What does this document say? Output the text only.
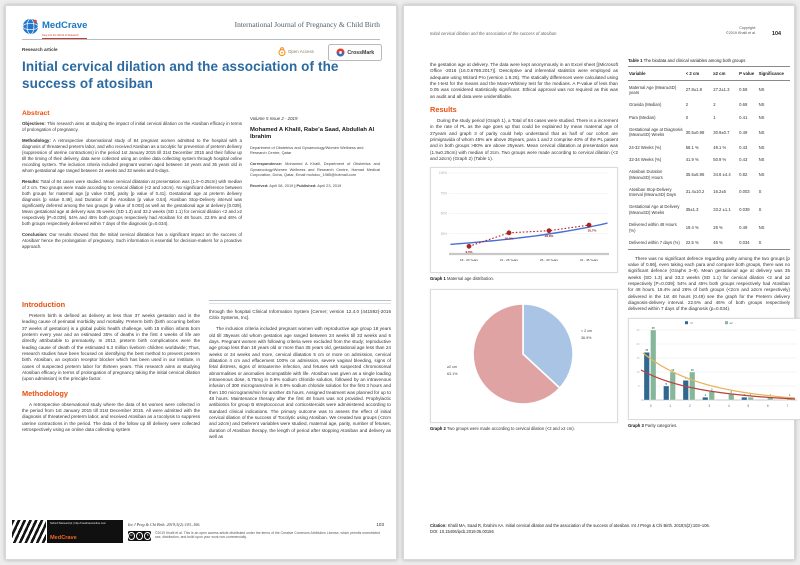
MedCrave
Step into the World of Research
International Journal of Pregnancy & Child Birth
Research article	Open Access	CrossMark
Initial cervical dilation and the association of the success of atosiban
Abstract

Objectives: This research aims at studying the impact of initial cervical dilation on the Atosiban efficacy in terms of prolongation of pregnancy.

Methodology: A retrospective observational study of 84 pregnant women admitted to the hospital with a diagnosis of threatened preterm labor, and who received Atosiban as a tocolytic for prevention of preterm delivery (suppression of uterine contractions) in the period 1st January 2015 till 31st December 2015 and their follow up till the timing of their delivery, data were collected using an online data collecting system through hospital online recording system. The inclusion criteria included pregnant women aged between 18 years and 35 years old in whom gestational age ranged between 24 weeks and 33 weeks and 6-days.

Results: Total of 84 cases were studied. Mean cervical dilatation at presentation was (1.9‒0.25cm) with median of 2 cm. Two groups were made according to cervical dilation (<2 and ≥2cm). No significant deference between both groups for maternal age [p value 0.59], parity [p value of 0.41]. Gestational age at preterm delivery diagnosis [p value 0.49], and Duration of the Atosiban [p value 0.54]. Atosiban Stop-Delivery interval was significantly deferred among the two groups [p value of 0.003] as well as the gestational age at delivery [0.039]. Mean gestational age at delivery was 35 weeks (SD 1.3) and 33.2 weeks (SD 1.1) for cervical dilation <2 and ≥2 respectively [P=0.039]. 54% and 45% both groups respectively had Atosiban for 48 hours. 22.5% and 46% of both groups respectively delivered within 7 days of the diagnosis (p=0.034).

Conclusion: Our results showed that the Initial cervical dilatation has a significant impact on the success of Atosiban' hence the prolongation of pregnancy. Such information is essential for decision-makers for a proactive approach.

Volume 5 Issue 2 - 2019

Mohamed A Khalil, Rabe'a Saad, Abdullah Al Ibrahim

Department of Obstetrics and Gynaecology/Women Wellness and Research Centre, Qatar

Correspondence: Mohamed A Khalil, Department of Obstetrics and Gynaecology/Women Wellness and Research Centre, Hamad Medical Corporation, Doha, Qatar, Email mohdoc_1985@hotmail.com

Received: April 08, 2019 | Published: April 23, 2019

Introduction

Preterm birth is defined as delivery at less than 37 weeks gestation and is the leading cause of perinatal morbidity and mortality. Preterm birth (birth occurring before 37 weeks of gestation) is a global public health challenge, with 15 million infants born preterm every year and an estimated 35% of deaths in the first 4 weeks of life are directly attributable to prematurity. In 2013, preterm birth complications were the leading cause of death of the estimated 6.3 million liveborn children worldwide; Thus, research studies have been focused on identifying the best method to prevent preterm birth. Atosiban, an oxytocin receptor blocker which has been used in our institute, in cases of suspected preterm labor for thirteen years. This research aims at studying Atosiban efficacy in terms of prolongation of pregnancy taking the initial cervical dilation (upon admission) is the principle factor.

Methodology

A retrospective observational study where the data of 84 women were collected in the period from 1st January 2015 till 31st December 2015. All were admitted with the diagnosis of threatened preterm labor, and received Atosiban as a tocolysis to suppress uterine contractions in the period. The data of the follow up till delivery were collected retrospectively using an online data collecting system

through the hospital Clinical Information System [Cerner; version 12.4.0 (441592)-2016 Citrix Systems, Inc].

The inclusion criteria included pregnant women with reproductive age group 18 years old till 35years old whom gestation age ranged between 24 weeks till 33 weeks and 6 days. Pregnant women with following criteria were excluded from the study; reproductive age group less than 18 years old or more than 35 years old, gestational age less than 24 weeks or 34 weeks and more, cervical dilatation 5 cm or more on admission, cervical dilatation 4 cm and effacement 100% on admission, severe vaginal bleeding, signs of fetal distress, signs of intrauterine infection, and fetuses with suspected chromosomal abnormalities or anomalies incompatible with life. Atosiban was given as a single loading intravenous dose, 6.75mg in 0.9% sodium chloride solution, followed by an intravenous infusion of 300 micrograms/min in 0.9% sodium chloride solution for the first 3 hours and then 100 micrograms/min for another 45 hours. Assigned treatment was planned for up to 48 hours. Maintenance therapy after the first 48 hours was not provided. Prophylactic antibiotics for group B streptococcus and corticosteroids were administered according to standard clinical indications. The primary outcome was to assess the effect of initial cervical dilation of the success of Tocolytic using Atosiban. We created two groups (<2cm and ≥2cm) and Deferent variables were studied, maternal age, parity, number of fetuses, duration of Atosiban therapy, the length of period after stopping Atosiban and delivery as well as

Submit Manuscript | http://medcraveonline.com
MedCrave
Int J Preg & Chi Brth. 2019;5(2):103‒106.
cc	i	$
©2019 Khalil et al. This is an open access article distributed under the terms of the Creative Commons Attribution License, which permits unrestricted use, distribution, and build upon your work non-commercially.
103
Initial cervical dilation and the association of the success of atosiban
Copyright:
©2019 Khalil et al.	104

the gestation age at delivery. The data were kept anonymously in an Excel sheet [(Microsoft Office -2016 (16.0.6769.2017)]. Descriptive and inferential statistics were employed as adequate using Wizard Pro (version 1.9.26). The statically differences were calculated using the t-test for the means and the Mann-Whitney test for the medians. A P-value of less than 0.05 was considered statistically significant. Ethical approval was not required as this was an audit and all data were unidentifiable.

Results

During the study period (Graph 1), a Total of 84 cases were studied. There is a increment in the rate of PL as the age goes up that could be explained by mean maternal age of 27years and graph 3 of parity could help understand that as half of our cohort are primigravida of whom 45% are above 25years, para 1 and 2 comprise 40% of the PL patient and in both groups >80% are above 25years. Mean cervical dilatation at presentation was (1.9±0.25cm) with median of 2cm. Two groups were made according to cervical dilation (<2 and ≥2cm) (Graph 2) (Table 1).

25%
50%
75%
100%
9,5%
26,2%
28,8%
35,7%
18 - 20 Years	21 - 25 Years	26 - 30 Years	31 - 35 Years

Graph 1 Maternal age distribution.

< 2 cm
36.9%
≥2 cm
63.1%

Graph 2 Two groups were made according to cervical dilation (<2 and ≥2 cm).

Table 1 The biodata and clinical variables among both groups

Variable	< 2 cm	≥2 cm	P value	Significance
Maternal Age (Mean±SD) years	27.8±1.8	27.2±1.3	0.59	NS
Gravida (Median)	2	2	0.69	NS
Para (Median)	0	1	0.41	NS
Gestational age at Diagnosis (Mean±SD) Weeks	30.5±0.98	30.9±0.7	0.49	NS
24-32 Weeks (%)	58.1 %	49.1 %	0.43	NS
32-34 Weeks (%)	41.9 %	50.9 %	0.43	NS
Atosiban Duration (Mean±SD) Hours	35.5±5.96	34.6 ±4.4	0.82	NS
Atosiban Stop-Delivery Interval (Mean±SD) Days	31.4±10.2	16.2±5	0.003	S
Gestational Age at Delivery (Mean±SD) Weeks	35±1.3	33.2 ±1.1	0.039	S
Delivered within 48 Hours (%)	19.4 %	26 %	0.49	NS
Delivered within 7 days (%)	22.5 %	46 %	0.034	S

There was no significant defence regarding parity among the two groups [p value of 0.86], even taking each para and compare both groups, there was no significant defence (Graphs 3‒9). Mean gestational age at delivery was 35 weeks (SD 1.3) and 33.2 weeks (SD 1.1) for cervical dilation <2 and ≥2 respectively [P=0.039]; 54% and 45% both groups respectively had Atosiban for 48 hours. 19.4% and 26% of both groups (<2cm and ≥2cm respectively) delivered in the 1st 48 hours (0.49) see the graph for the Preterm delivery diagnosis-delivery interval. 22.5% and 46% of both groups respectively delivered within 7 days of the diagnosis (p=0.034).

5
10
15
20
25
<2	≥2
17
25
0
5
10
1
7
10
2
1
3
3
2
4
1 1
5
1
6
1
7

Graph 3 Parity categories.

Citation: Khalil MA, Saad R, Ibrahim AA. Initial cervical dilation and the association of the success of atosiban. Int J Pregn & Chi Birth. 2019;5(2):103‒106.
DOI: 10.15406/ipcb.2019.05.00156
